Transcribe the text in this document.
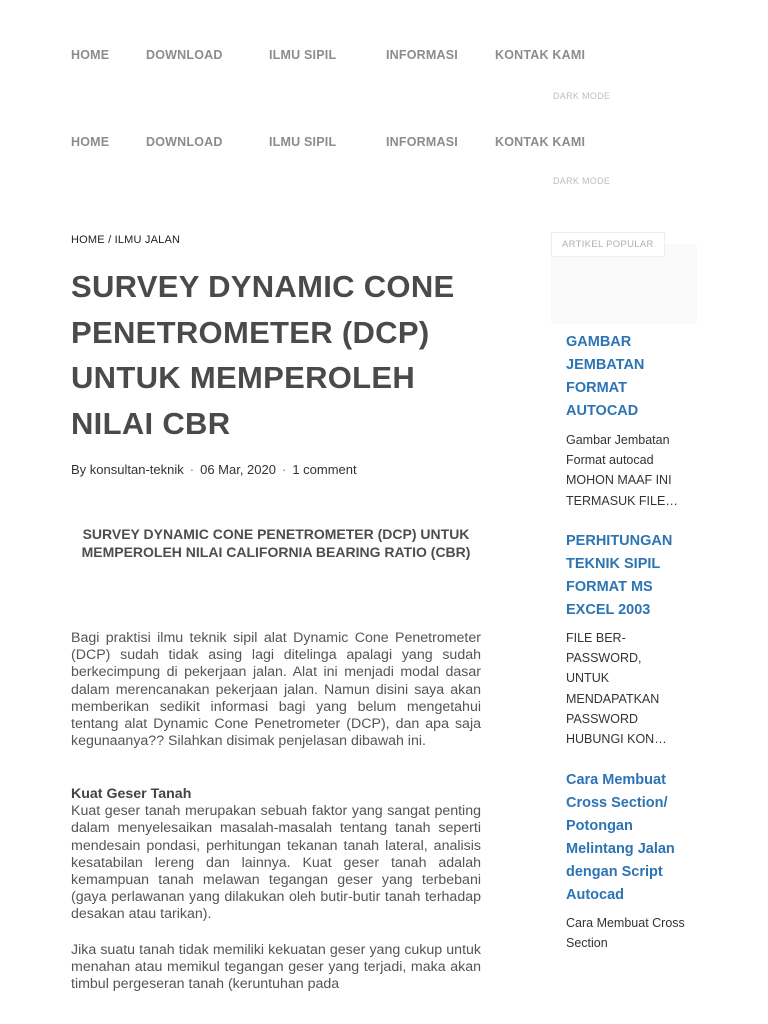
HOME	DOWNLOAD	ILMU SIPIL	INFORMASI	KONTAK KAMI
DARK MODE
HOME	DOWNLOAD	ILMU SIPIL	INFORMASI	KONTAK KAMI
DARK MODE
HOME / ILMU JALAN
SURVEY DYNAMIC CONE PENETROMETER (DCP) UNTUK MEMPEROLEH NILAI CBR
By konsultan-teknik · 06 Mar, 2020 · 1 comment

SURVEY DYNAMIC CONE PENETROMETER (DCP) UNTUK MEMPEROLEH NILAI CALIFORNIA BEARING RATIO (CBR)

Bagi praktisi ilmu teknik sipil alat Dynamic Cone Penetrometer (DCP) sudah tidak asing lagi ditelinga apalagi yang sudah berkecimpung di pekerjaan jalan. Alat ini menjadi modal dasar dalam merencanakan pekerjaan jalan. Namun disini saya akan memberikan sedikit informasi bagi yang belum mengetahui tentang alat Dynamic Cone Penetrometer (DCP), dan apa saja kegunaanya?? Silahkan disimak penjelasan dibawah ini.

Kuat Geser Tanah
Kuat geser tanah merupakan sebuah faktor yang sangat penting dalam menyelesaikan masalah-masalah tentang tanah seperti mendesain pondasi, perhitungan tekanan tanah lateral, analisis kesatabilan lereng dan lainnya. Kuat geser tanah adalah kemampuan tanah melawan tegangan geser yang terbebani (gaya perlawanan yang dilakukan oleh butir-butir tanah terhadap desakan atau tarikan).

Jika suatu tanah tidak memiliki kekuatan geser yang cukup untuk menahan atau memikul tegangan geser yang terjadi, maka akan timbul pergeseran tanah (keruntuhan pada

ARTIKEL POPULAR
GAMBAR JEMBATAN FORMAT AUTOCAD

Gambar Jembatan Format autocad MOHON MAAF INI TERMASUK FILE…

PERHITUNGAN TEKNIK SIPIL FORMAT MS EXCEL 2003

FILE BER-PASSWORD, UNTUK MENDAPATKAN PASSWORD HUBUNGI KON…

Cara Membuat Cross Section/ Potongan Melintang Jalan dengan Script Autocad

Cara Membuat Cross Section
